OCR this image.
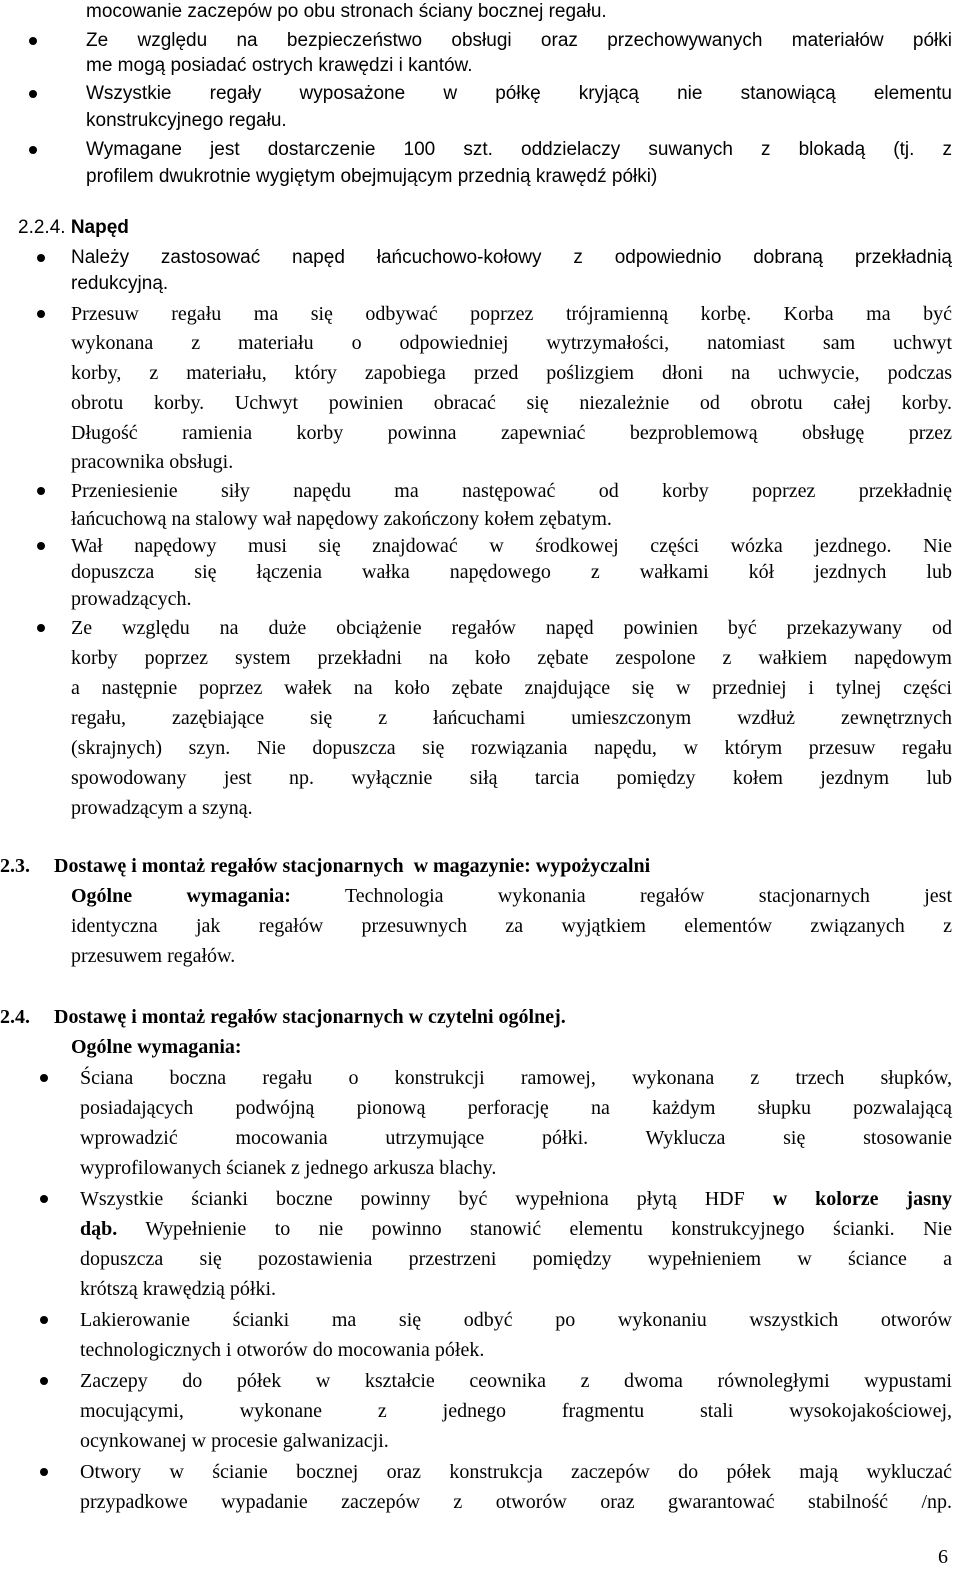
mocowanie zaczepów po obu stronach ściany bocznej regału.
Ze względu na bezpieczeństwo obsługi oraz przechowywanych materiałów półki
me mogą posiadać ostrych krawędzi i kantów.
Wszystkie regały wyposażone w półkę kryjącą nie stanowiącą elementu
konstrukcyjnego regału.
Wymagane jest dostarczenie 100 szt. oddzielaczy suwanych z blokadą (tj. z
profilem dwukrotnie wygiętym obejmującym przednią krawędź półki)
2.2.4. Napęd
Należy zastosować napęd łańcuchowo-kołowy z odpowiednio dobraną przekładnią
redukcyjną.
Przesuw regału ma się odbywać poprzez trójramienną korbę. Korba ma być
wykonana z materiału o odpowiedniej wytrzymałości, natomiast sam uchwyt
korby, z materiału, który zapobiega przed poślizgiem dłoni na uchwycie, podczas
obrotu korby. Uchwyt powinien obracać się niezależnie od obrotu całej korby.
Długość ramienia korby powinna zapewniać bezproblemową obsługę przez
pracownika obsługi.
Przeniesienie siły napędu ma następować od korby poprzez przekładnię
łańcuchową na stalowy wał napędowy zakończony kołem zębatym.
Wał napędowy musi się znajdować w środkowej części wózka jezdnego. Nie
dopuszcza się łączenia wałka napędowego z wałkami kół jezdnych lub
prowadzących.
Ze względu na duże obciążenie regałów napęd powinien być przekazywany od
korby poprzez system przekładni na koło zębate zespolone z wałkiem napędowym
a następnie poprzez wałek na koło zębate znajdujące się w przedniej i tylnej części
regału, zazębiające się z łańcuchami umieszczonym wzdłuż zewnętrznych
(skrajnych) szyn. Nie dopuszcza się rozwiązania napędu, w którym przesuw regału
spowodowany jest np. wyłącznie siłą tarcia pomiędzy kołem jezdnym lub
prowadzącym a szyną.
2.3. Dostawę i montaż regałów stacjonarnych  w magazynie: wypożyczalni
Ogólne wymagania: Technologia wykonania regałów stacjonarnych jest
identyczna jak regałów przesuwnych za wyjątkiem elementów związanych z
przesuwem regałów.
2.4. Dostawę i montaż regałów stacjonarnych w czytelni ogólnej.
Ogólne wymagania:
Ściana boczna regału o konstrukcji ramowej, wykonana z trzech słupków,
posiadających podwójną pionową perforację na każdym słupku pozwalającą
wprowadzić mocowania utrzymujące półki. Wyklucza się stosowanie
wyprofilowanych ścianek z jednego arkusza blachy.
Wszystkie ścianki boczne powinny być wypełniona płytą HDF w kolorze jasny
dąb. Wypełnienie to nie powinno stanowić elementu konstrukcyjnego ścianki. Nie
dopuszcza się pozostawienia przestrzeni pomiędzy wypełnieniem w ściance a
krótszą krawędzią półki.
Lakierowanie ścianki ma się odbyć po wykonaniu wszystkich otworów
technologicznych i otworów do mocowania półek.
Zaczepy do półek w kształcie ceownika z dwoma równoległymi wypustami
mocującymi, wykonane z jednego fragmentu stali wysokojakościowej,
ocynkowanej w procesie galwanizacji.
Otwory w ścianie bocznej oraz konstrukcja zaczepów do półek mają wykluczać
przypadkowe wypadanie zaczepów z otworów oraz gwarantować stabilność /np.
6
